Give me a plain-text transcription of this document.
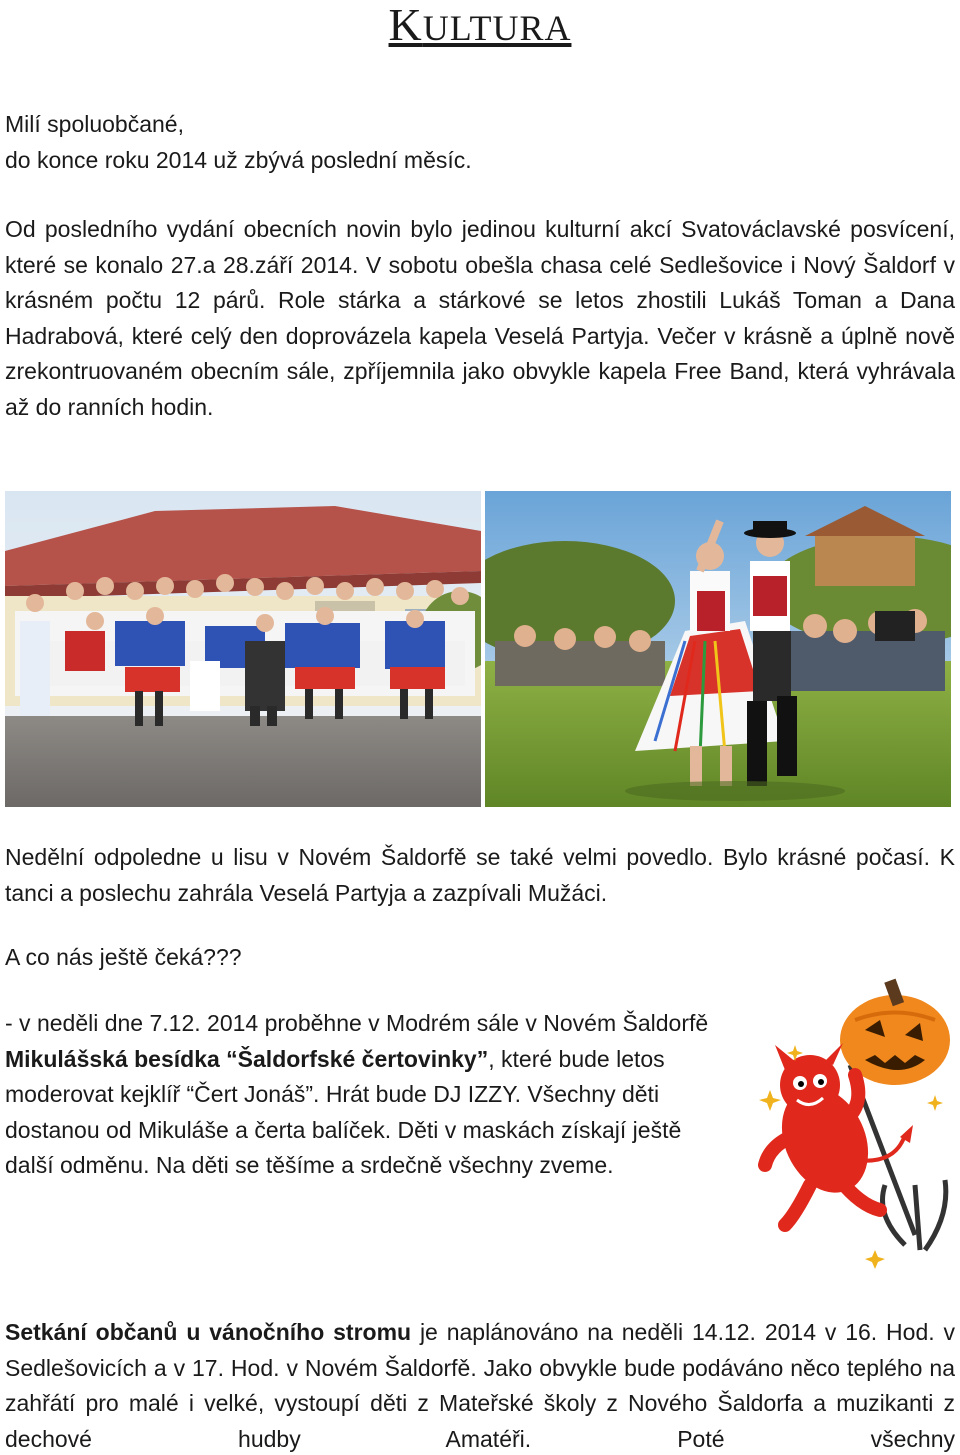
KULTURA

Milí spoluobčané,

do konce roku 2014 už zbývá poslední měsíc.

Od posledního vydání obecních novin bylo jedinou kulturní akcí Svatováclavské posvícení, které se konalo 27.a 28.září 2014. V sobotu obešla chasa celé Sedlešovice i Nový Šaldorf v krásném počtu 12 párů. Role stárka a stárkové se letos zhostili Lukáš Toman a Dana Hadrabová, které celý den doprovázela kapela Veselá Partyja. Večer v krásně a úplně nově zrekontruovaném obecním sále, zpříjemnila jako obvykle kapela Free Band, která vyhrávala až do ranních hodin.

Nedělní odpoledne u lisu v Novém Šaldorfě se také velmi povedlo. Bylo krásné počasí. K tanci a poslechu zahrála Veselá Partyja a zazpívali Mužáci.

A co nás ještě čeká???

- v neděli dne 7.12. 2014 proběhne v Modrém sále v Novém Šaldorfě Mikulášská besídka “Šaldorfské čertovinky”, které bude letos moderovat kejklíř “Čert Jonáš”. Hrát bude DJ IZZY. Všechny děti dostanou od Mikuláše a čerta balíček. Děti v maskách získají ještě další odměnu. Na děti se těšíme a srdečně všechny zveme.

Setkání občanů u vánočního stromu je naplánováno na neděli 14.12. 2014 v 16. Hod. v Sedlešovicích a v 17. Hod. v Novém Šaldorfě. Jako obvykle bude podáváno něco teplého na zahřátí pro malé i velké, vystoupí děti z Mateřské školy z Nového Šaldorfa a muzikanti z dechové hudby Amatéři. Poté všechny
